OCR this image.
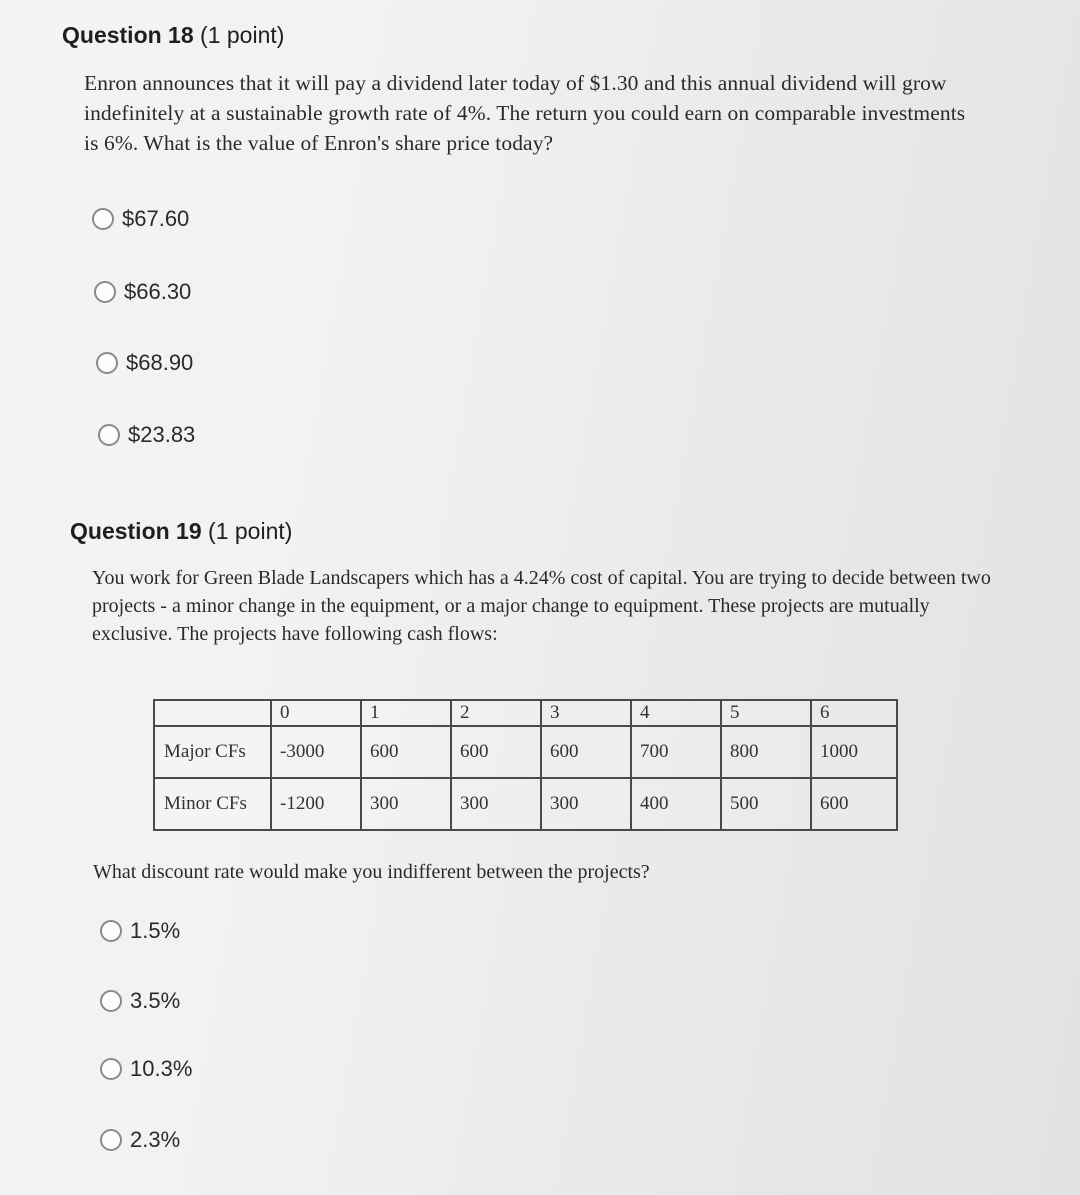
Question 18 (1 point)
Enron announces that it will pay a dividend later today of $1.30 and this annual dividend will grow indefinitely at a sustainable growth rate of 4%. The return you could earn on comparable investments is 6%. What is the value of Enron's share price today?
$67.60
$66.30
$68.90
$23.83
Question 19 (1 point)
You work for Green Blade Landscapers which has a 4.24% cost of capital. You are trying to decide between two projects - a minor change in the equipment, or a major change to equipment. These projects are mutually exclusive. The projects have following cash flows:
	0	1	2	3	4	5	6
Major CFs	-3000	600	600	600	700	800	1000
Minor CFs	-1200	300	300	300	400	500	600
What discount rate would make you indifferent between the projects?
1.5%
3.5%
10.3%
2.3%
